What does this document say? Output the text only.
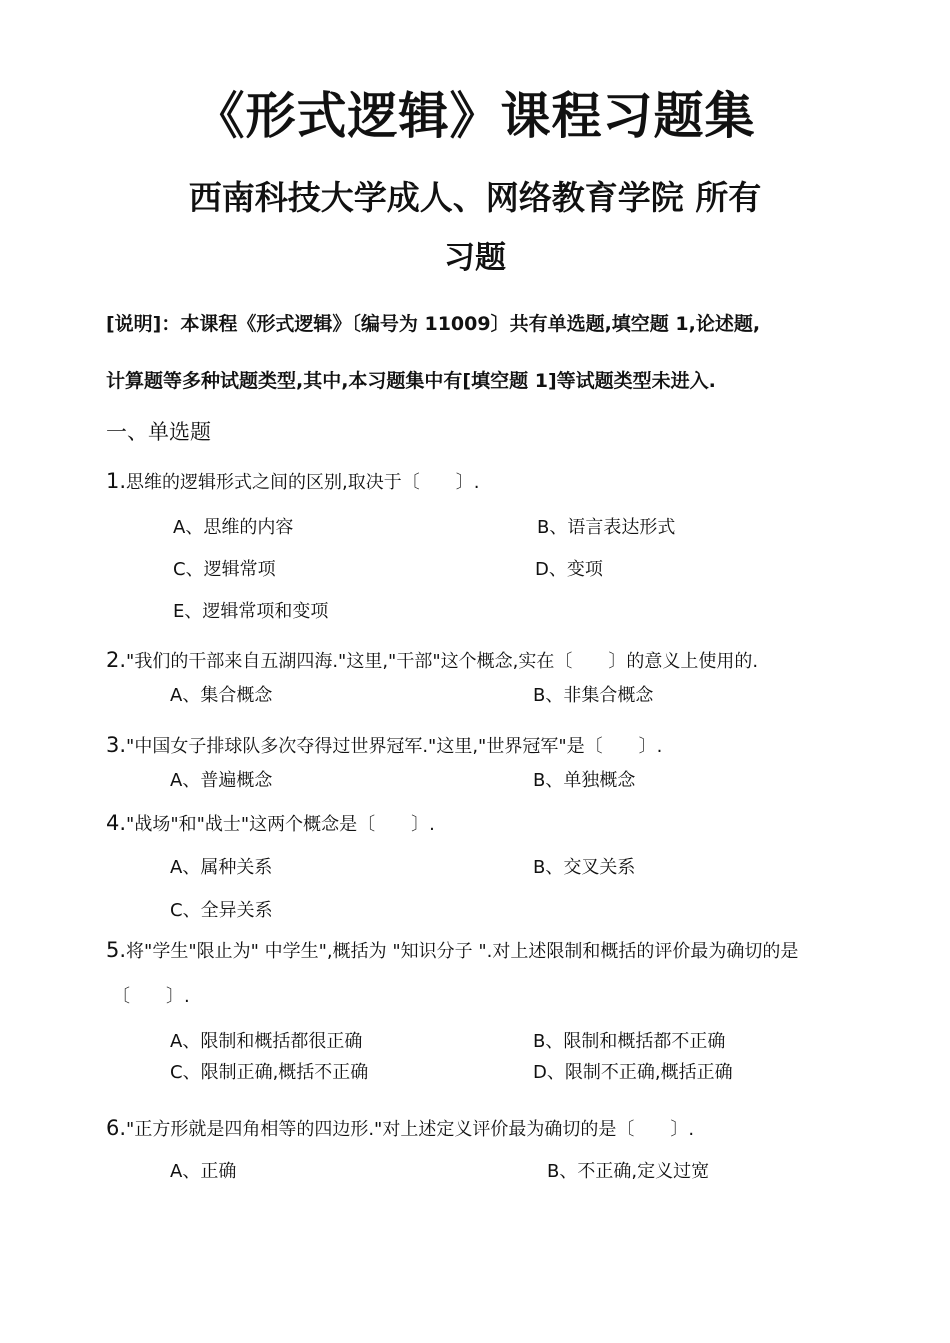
《形式逻辑》课程习题集
西南科技大学成人、网络教育学院 所有
习题
[说明]：本课程《形式逻辑》〔编号为 11009〕共有单选题,填空题 1,论述题,
计算题等多种试题类型,其中,本习题集中有[填空题 1]等试题类型未进入.
一、单选题
1.思维的逻辑形式之间的区别,取决于〔　　〕.
A、思维的内容	B、语言表达形式
C、逻辑常项	D、变项
E、逻辑常项和变项
2."我们的干部来自五湖四海."这里,"干部"这个概念,实在〔　　〕的意义上使用的.
A、集合概念	B、非集合概念
3."中国女子排球队多次夺得过世界冠军."这里,"世界冠军"是〔　　〕.
A、普遍概念	B、单独概念
4."战场"和"战士"这两个概念是〔　　〕.
A、属种关系	B、交叉关系
C、全异关系
5.将"学生"限止为" 中学生",概括为 "知识分子 ".对上述限制和概括的评价最为确切的是
〔　　〕.
A、限制和概括都很正确	B、限制和概括都不正确
C、限制正确,概括不正确	D、限制不正确,概括正确
6."正方形就是四角相等的四边形."对上述定义评价最为确切的是〔　　〕.
A、正确	B、不正确,定义过宽
